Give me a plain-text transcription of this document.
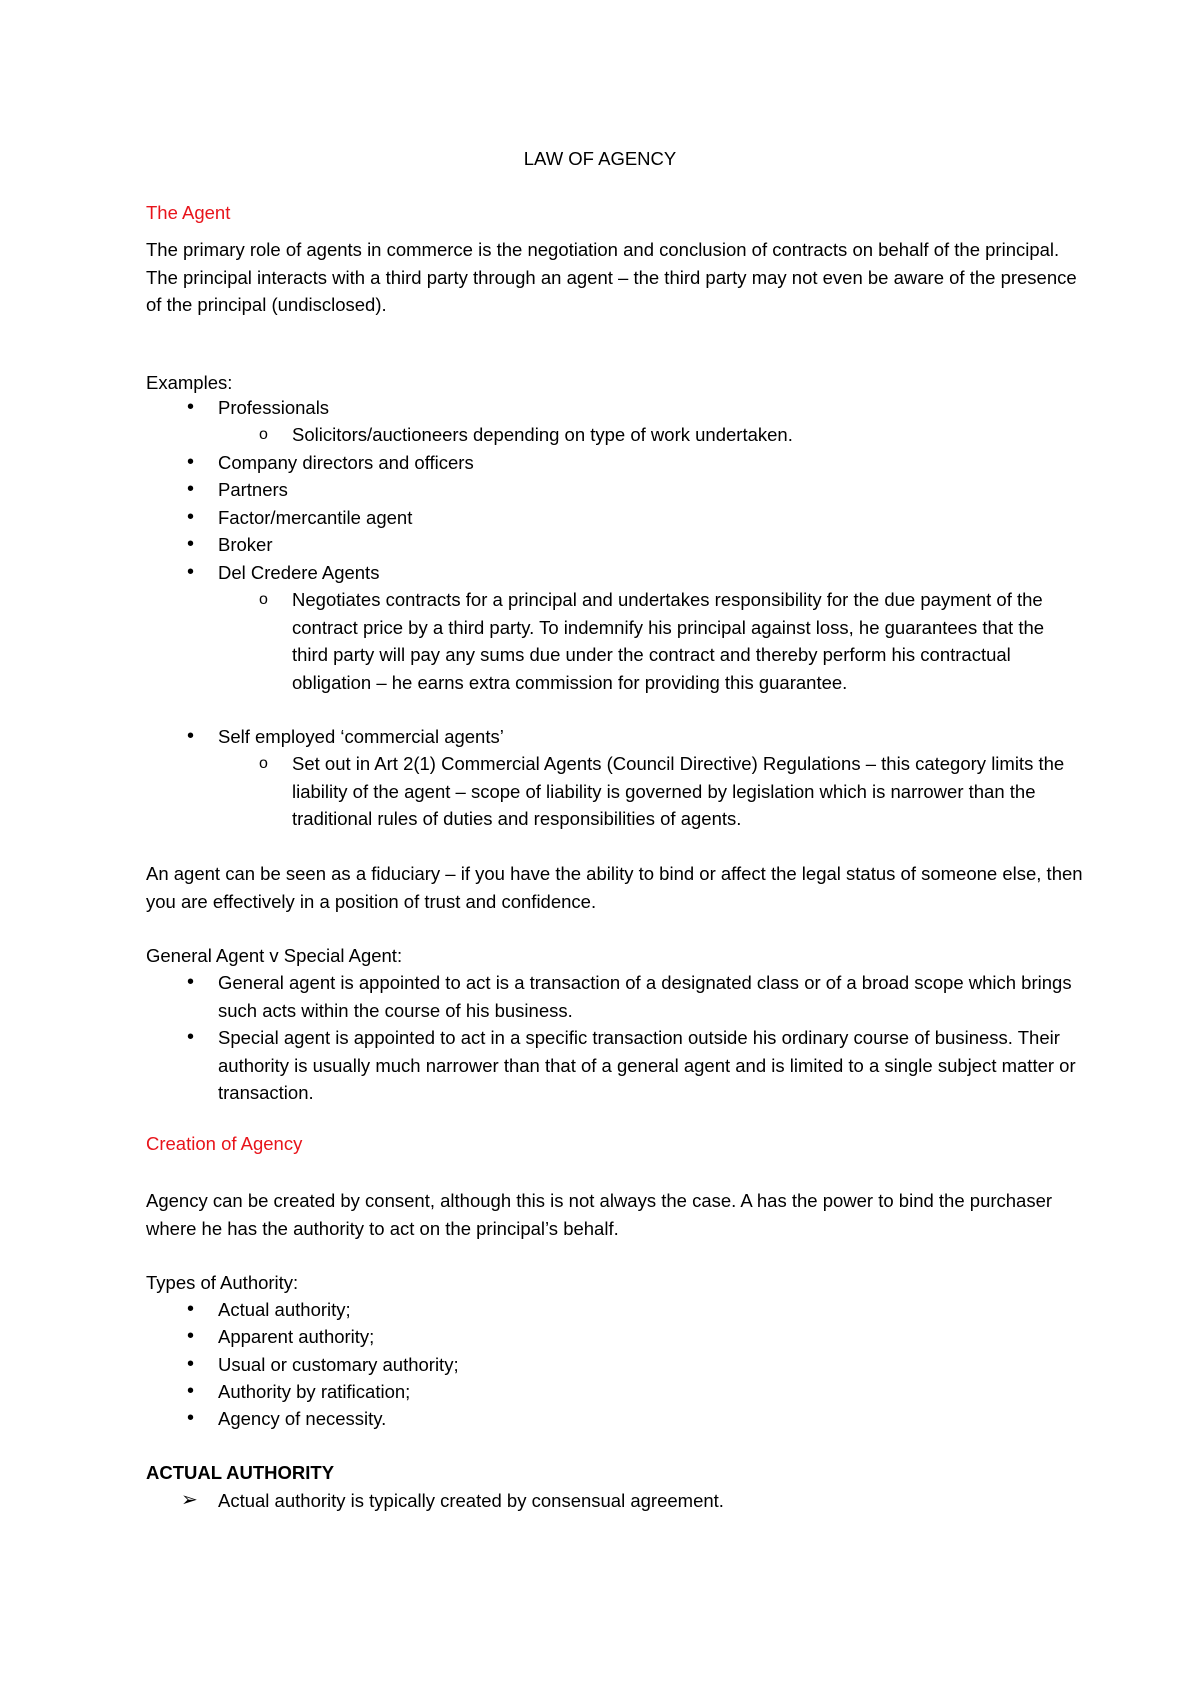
LAW OF AGENCY
The Agent
The primary role of agents in commerce is the negotiation and conclusion of contracts on behalf of the principal. The principal interacts with a third party through an agent – the third party may not even be aware of the presence of the principal (undisclosed).
Examples:
• Professionals
o Solicitors/auctioneers depending on type of work undertaken.
• Company directors and officers
• Partners
• Factor/mercantile agent
• Broker
• Del Credere Agents
o Negotiates contracts for a principal and undertakes responsibility for the due payment of the contract price by a third party. To indemnify his principal against loss, he guarantees that the third party will pay any sums due under the contract and thereby perform his contractual obligation – he earns extra commission for providing this guarantee.
• Self employed ‘commercial agents’
o Set out in Art 2(1) Commercial Agents (Council Directive) Regulations – this category limits the liability of the agent – scope of liability is governed by legislation which is narrower than the traditional rules of duties and responsibilities of agents.
An agent can be seen as a fiduciary – if you have the ability to bind or affect the legal status of someone else, then you are effectively in a position of trust and confidence.
General Agent v Special Agent:
• General agent is appointed to act is a transaction of a designated class or of a broad scope which brings such acts within the course of his business.
• Special agent is appointed to act in a specific transaction outside his ordinary course of business. Their authority is usually much narrower than that of a general agent and is limited to a single subject matter or transaction.
Creation of Agency
Agency can be created by consent, although this is not always the case. A has the power to bind the purchaser where he has the authority to act on the principal’s behalf.
Types of Authority:
• Actual authority;
• Apparent authority;
• Usual or customary authority;
• Authority by ratification;
• Agency of necessity.
ACTUAL AUTHORITY
➢ Actual authority is typically created by consensual agreement.
